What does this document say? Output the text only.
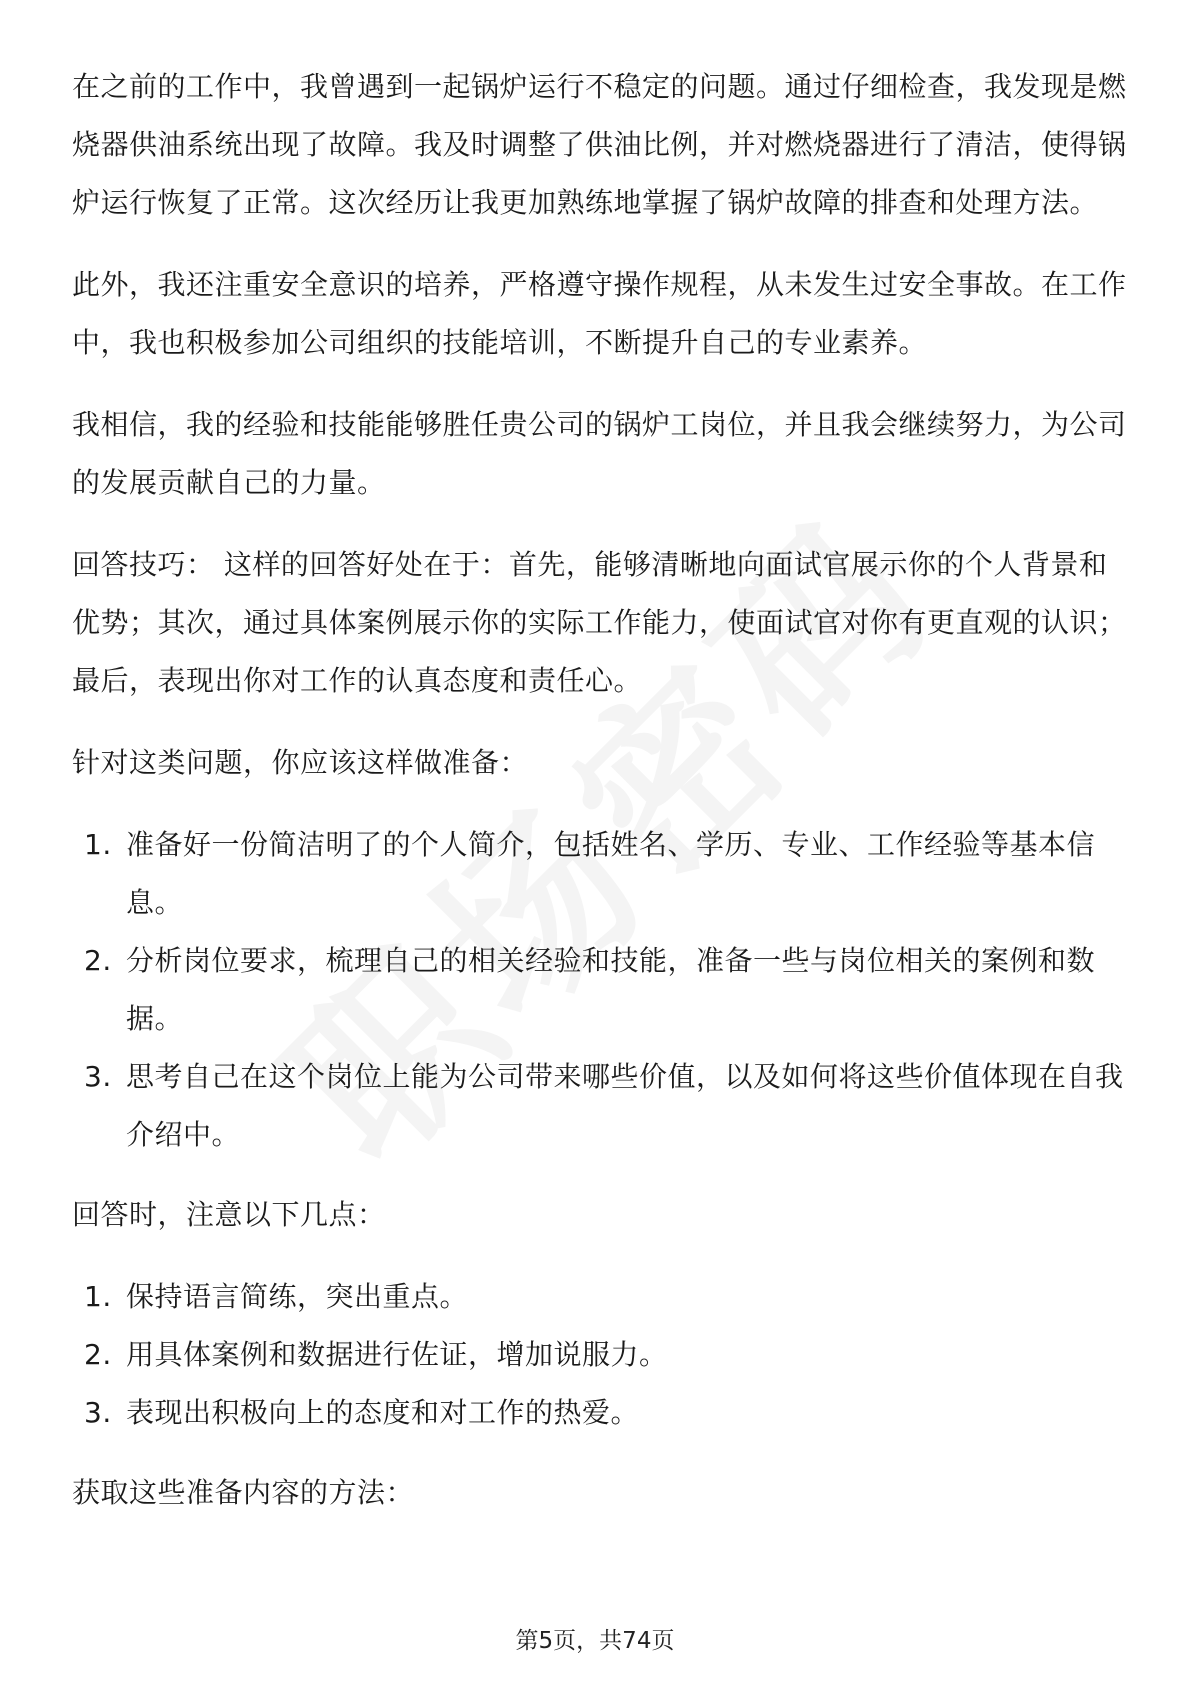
在之前的工作中，我曾遇到一起锅炉运行不稳定的问题。通过仔细检查，我发现是燃烧器供油系统出现了故障。我及时调整了供油比例，并对燃烧器进行了清洁，使得锅炉运行恢复了正常。这次经历让我更加熟练地掌握了锅炉故障的排查和处理方法。

此外，我还注重安全意识的培养，严格遵守操作规程，从未发生过安全事故。在工作中，我也积极参加公司组织的技能培训，不断提升自己的专业素养。

我相信，我的经验和技能能够胜任贵公司的锅炉工岗位，并且我会继续努力，为公司的发展贡献自己的力量。

回答技巧： 这样的回答好处在于：首先，能够清晰地向面试官展示你的个人背景和优势；其次，通过具体案例展示你的实际工作能力，使面试官对你有更直观的认识；最后，表现出你对工作的认真态度和责任心。

针对这类问题，你应该这样做准备：

1. 准备好一份简洁明了的个人简介，包括姓名、学历、专业、工作经验等基本信息。
2. 分析岗位要求，梳理自己的相关经验和技能，准备一些与岗位相关的案例和数据。
3. 思考自己在这个岗位上能为公司带来哪些价值，以及如何将这些价值体现在自我介绍中。

回答时，注意以下几点：

1. 保持语言简练，突出重点。
2. 用具体案例和数据进行佐证，增加说服力。
3. 表现出积极向上的态度和对工作的热爱。

获取这些准备内容的方法：

第5页，共74页
